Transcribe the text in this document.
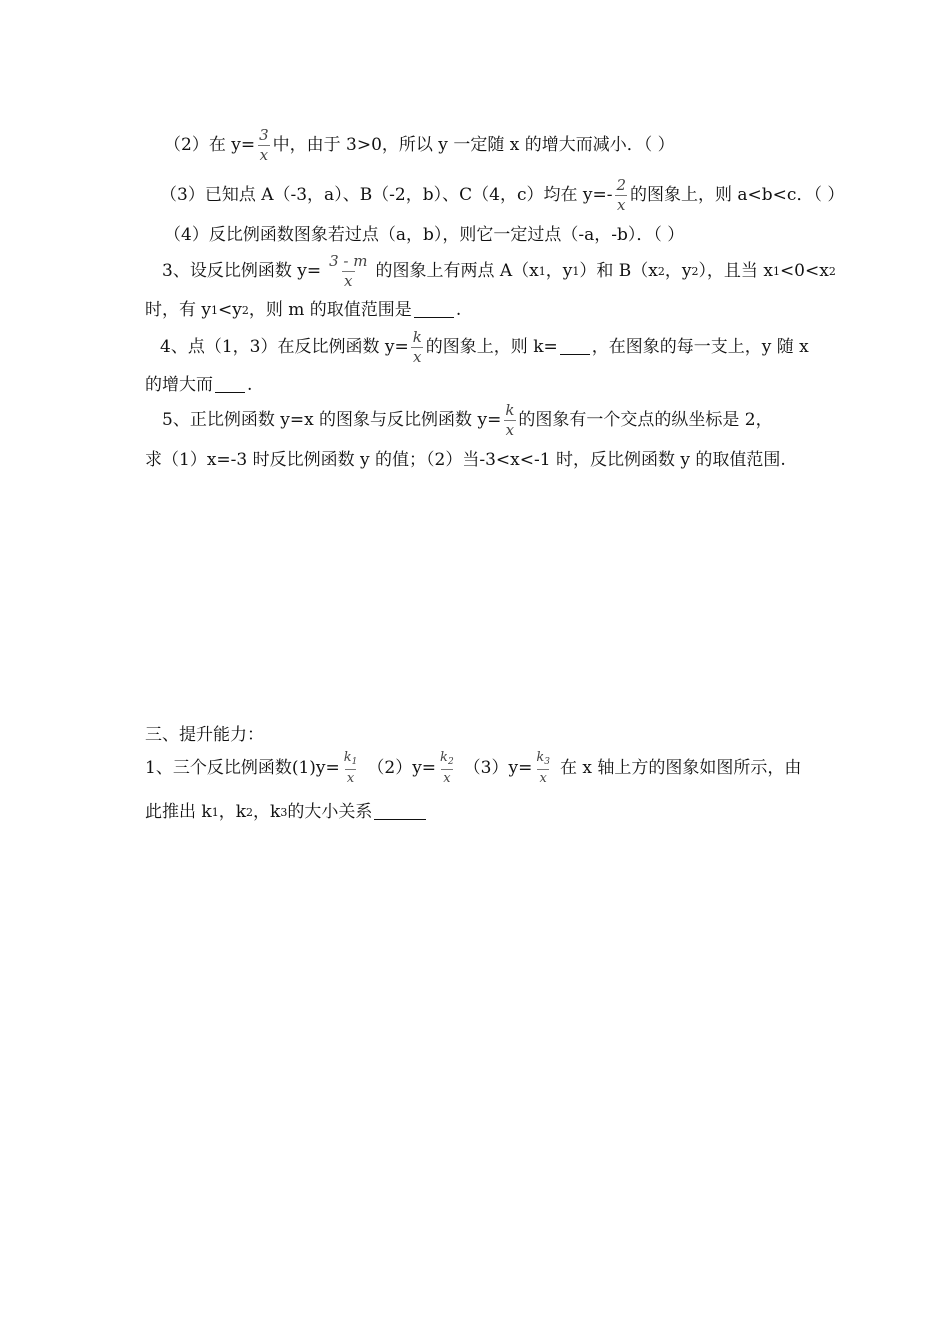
（2）在 $y= \frac{3}{x}$ 中，由于 3>0，所以 y 一定随 x 的增大而减小．（ ）
（3）已知点 A（-3，a）、B（-2，b）、C（4，c）均在 $y=- \frac{2}{x}$ 的图象上，则 a<b<c．（ ）
（4）反比例函数图象若过点（a，b），则它一定过点（-a，-b）．（ ）
3、设反比例函数 $y= \frac{3 - m}{x}$ 的图象上有两点 A（x 1 ，y 1 ）和 B（x 2 ，y 2 ），且当 x 1 <0<x 2
时，有 y 1 <y 2 ，则 m 的取值范围是	.
4、点（1，3）在反比例函数 $y= \frac{k}{x}$ 的图象上，则 k= ，在图象的每一支上，y 随 x
的增大而 .
5、正比例函数 y=x 的图象与反比例函数 $y= \frac{k}{x}$ 的图象有一个交点的纵坐标是 2，
求（1）x=-3 时反比例函数 y 的值；（2）当-3<x<-1 时，反比例函数 y 的取值范围.
三、提升能力：
1、三个反比例函数$(1)y= \frac{k_1}{x} (2)y= \frac{k_2}{x} (3)y= \frac{k_3}{x}$ 在 x 轴上方的图象如图所示，由
此推出 k 1 ，k 2 ，k 3 的大小关系
